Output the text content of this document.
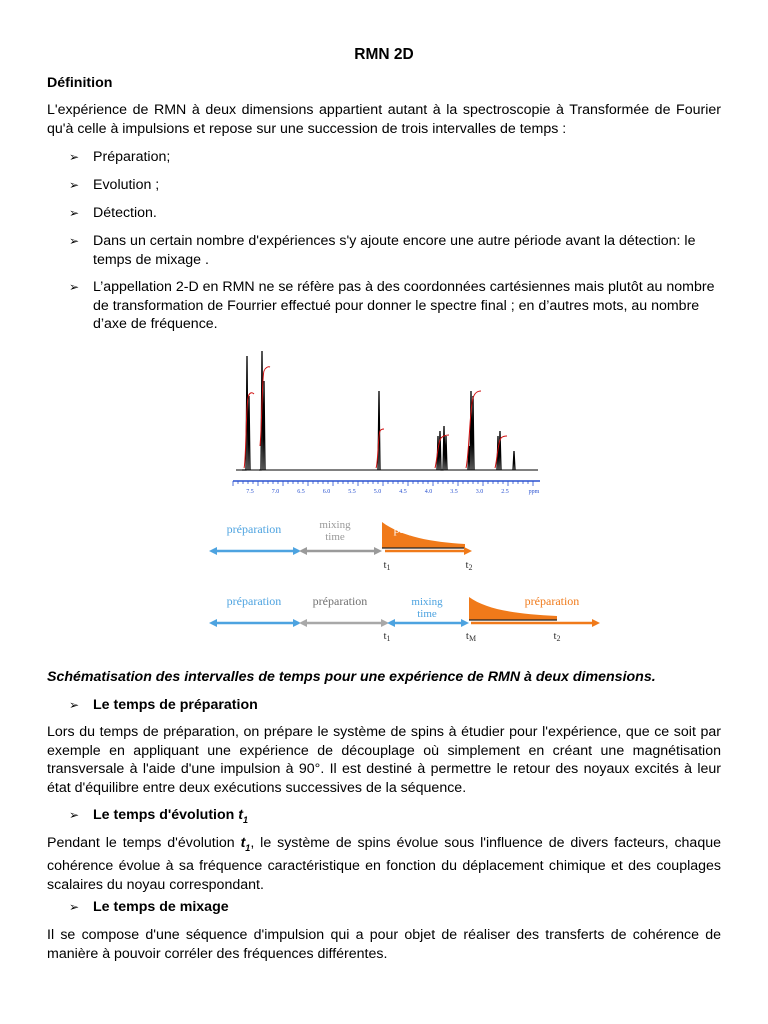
RMN 2D
Définition
L'expérience de RMN à deux dimensions appartient autant à la spectroscopie à Transformée de Fourier qu'à celle à impulsions et repose sur une succession de trois intervalles de temps :
➢ Préparation;
➢ Evolution ;
➢ Détection.
➢ Dans un certain nombre d'expériences s'y ajoute encore une autre période avant la détection: le temps de mixage .
➢ L’appellation 2-D en RMN ne se réfère pas à des coordonnées cartésiennes mais plutôt au nombre de transformation de Fourrier effectué pour donner le spectre final ; en d’autres mots, au nombre d’axe de fréquence.
7.5	7.0	6.5	6.0	5.5	5.0	4.5	4.0	3.5	3.0	2.5	ppm
préparation	mixing time
préparation
t1	t2
préparation	préparation	mixing time
préparation
t1	tM	t2
Schématisation des intervalles de temps pour une expérience de RMN à deux dimensions.
➢ Le temps de préparation
Lors du temps de préparation, on prépare le système de spins à étudier pour l'expérience, que ce soit par exemple en appliquant une expérience de découplage où simplement en créant une magnétisation transversale à l'aide d'une impulsion à 90°. Il est destiné à permettre le retour des noyaux excités à leur état d'équilibre entre deux exécutions successives de la séquence.
➢ Le temps d'évolution $t_1$
Pendant le temps d'évolution $t_1$, le système de spins évolue sous l'influence de divers facteurs, chaque cohérence évolue à sa fréquence caractéristique en fonction du déplacement chimique et des couplages scalaires du noyau correspondant.
➢ Le temps de mixage
Il se compose d'une séquence d'impulsion qui a pour objet de réaliser des transferts de cohérence de manière à pouvoir corréler des fréquences différentes.
